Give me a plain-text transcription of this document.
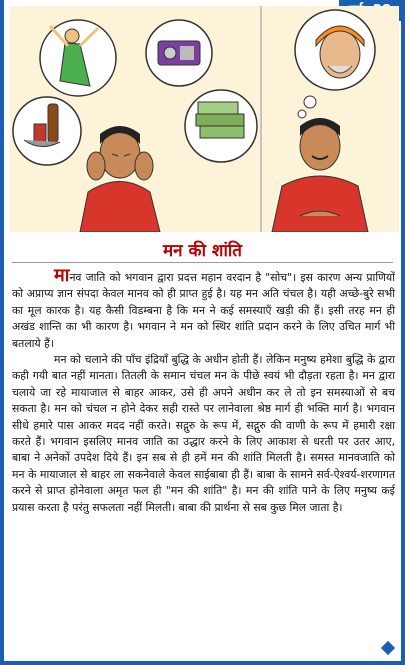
मन की शांति

मानव जाति को भगवान द्वारा प्रदत्त महान वरदान है "सोच"। इस कारण अन्य प्राणियों को अप्राप्य ज्ञान संपदा केवल मानव को ही प्राप्त हुई है। यह मन अति चंचल है। यही अच्छे-बुरे सभी का मूल कारक है। यह कैसी विडम्बना है कि मन ने कई समस्याएँ खड़ी की हैं। इसी तरह मन ही अखंड शान्ति का भी कारण है। भगवान ने मन को स्थिर शांति प्रदान करने के लिए उचित मार्ग भी बतलाये हैं।

मन को चलाने की पाँच इंद्रियाँ बुद्धि के अधीन होती हैं। लेकिन मनुष्य हमेशा बुद्धि के द्वारा कही गयी बात नहीं मानता। तितली के समान चंचल मन के पीछे स्वयं भी दौड़ता रहता है। मन द्वारा चलाये जा रहे मायाजाल से बाहर आकर, उसे ही अपने अधीन कर ले तो इन समस्याओं से बच सकता है। मन को चंचल न होने देकर सही रास्ते पर लानेवाला श्रेष्ठ मार्ग ही भक्ति मार्ग है। भगवान सीधे हमारे पास आकर मदद नहीं करते। सद्गुरु के रूप में, सद्गुरु की वाणी के रूप में हमारी रक्षा करते हैं। भगवान इसलिए मानव जाति का उद्धार करने के लिए आकाश से धरती पर उतर आए, बाबा ने अनेकों उपदेश दिये हैं। इन सब से ही हमें मन की शांति मिलती है। समस्त मानवजाति को मन के मायाजाल से बाहर ला सकनेवाले केवल साईबाबा ही हैं। बाबा के सामने सर्व-ऐश्वर्य-शरणागत करने से प्राप्त होनेवाला अमृत फल ही "मन की शांति" है। मन की शांति पाने के लिए मनुष्य कई प्रयास करता है परंतु सफलता नहीं मिलती। बाबा की प्रार्थना से सब कुछ मिल जाता है।
